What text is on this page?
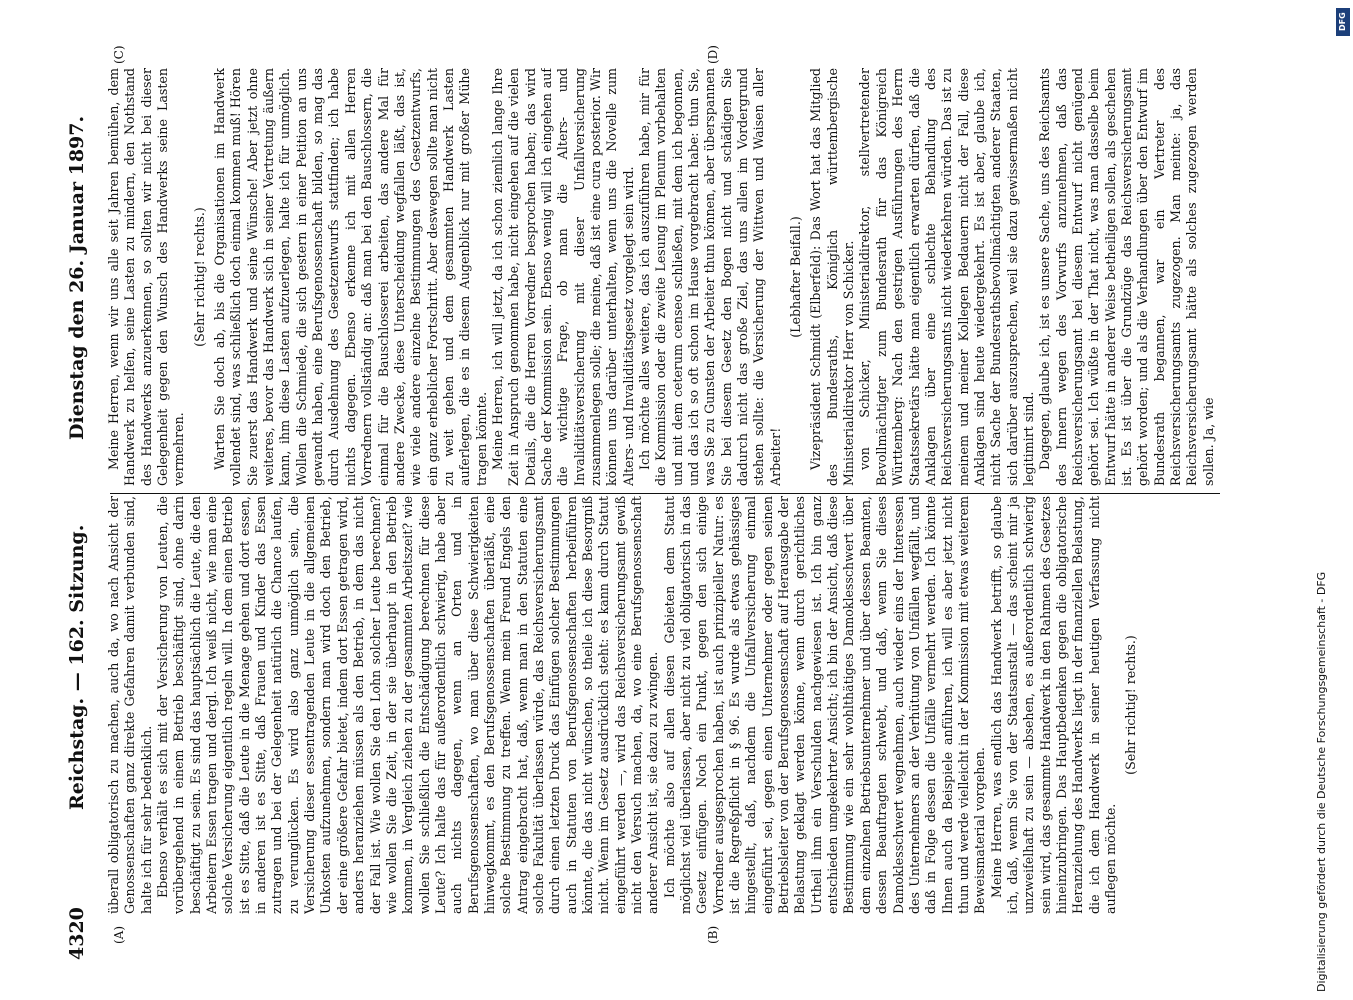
4320
Reichstag. — 162. Sitzung.
Dienstag den 26. Januar 1897.
(A)	(B)
(C)	(D)

überall obligatorisch zu machen, auch da, wo nach Ansicht der Genossenschaften ganz direkte Gefahren damit verbunden sind, halte ich für sehr bedenklich. Ebenso verhält es sich mit der Versicherung von Leuten, die vorübergehend in einem Betrieb beschäftigt sind, ohne darin beschäftigt zu sein. Es sind das hauptsächlich die Leute, die den Arbeitern Essen tragen und dergl. Ich weiß nicht, wie man eine solche Versicherung eigentlich regeln will. In dem einen Betrieb ist es Sitte, daß die Leute in die Menage gehen und dort essen, in anderen ist es Sitte, daß Frauen und Kinder das Essen zutragen und bei der Gelegenheit natürlich die Chance laufen, zu verunglücken. Es wird also ganz unmöglich sein, die Versicherung dieser essentragenden Leute in die allgemeinen Unkosten aufzunehmen, sondern man wird doch den Betrieb, der eine größere Gefahr bietet, indem dort Essen getragen wird, anders heranziehen müssen als den Betrieb, in dem das nicht der Fall ist. Wie wollen Sie den Lohn solcher Leute berechnen? wie wollen Sie die Zeit, in der sie überhaupt in den Betrieb kommen, in Vergleich ziehen zu der gesammten Arbeitszeit? wie wollen Sie schließlich die Entschädigung berechnen für diese Leute? Ich halte das für außerordentlich schwierig, habe aber auch nichts dagegen, wenn an Orten und in Berufsgenossenschaften, wo man über diese Schwierigkeiten hinwegkommt, es den Berufsgenossenschaften überläßt, eine solche Bestimmung zu treffen. Wenn mein Freund Engels den Antrag eingebracht hat, daß, wenn man in den Statuten eine solche Fakultät überlassen würde, das Reichsversicherungsamt durch einen letzten Druck das Einfügen solcher Bestimmungen auch in Statuten von Berufsgenossenschaften herbeiführen könnte, die das nicht wünschen, so theile ich diese Besorgniß nicht. Wenn im Gesetz ausdrücklich steht: es kann durch Statut eingeführt werden —, wird das Reichsversicherungsamt gewiß nicht den Versuch machen, da, wo eine Berufsgenossenschaft anderer Ansicht ist, sie dazu zu zwingen. Ich möchte also auf allen diesen Gebieten dem Statut möglichst viel überlassen, aber nicht zu viel obligatorisch in das Gesetz einfügen. Noch ein Punkt, gegen den sich einige Vorredner ausgesprochen haben, ist auch prinzipieller Natur: es ist die Regreßpflicht in § 96. Es wurde als etwas gehässiges hingestellt, daß, nachdem die Unfallversicherung einmal eingeführt sei, gegen einen Unternehmer oder gegen seinen Betriebsleiter von der Berufsgenossenschaft auf Herausgabe der Belastung geklagt werden könne, wenn durch gerichtliches Urtheil ihm ein Verschulden nachgewiesen ist. Ich bin ganz entschieden umgekehrter Ansicht; ich bin der Ansicht, daß diese Bestimmung wie ein sehr wohlthätiges Damoklesschwert über dem einzelnen Betriebsunternehmer und über dessen Beamten, dessen Beauftragten schwebt, und daß, wenn Sie dieses Damoklesschwert wegnehmen, auch wieder eins der Interessen des Unternehmers an der Verhütung von Unfällen wegfällt, und daß in Folge dessen die Unfälle vermehrt werden. Ich könnte Ihnen auch da Beispiele anführen, ich will es aber jetzt nicht thun und werde vielleicht in der Kommission mit etwas weiterem Beweismaterial vorgehen. Meine Herren, was endlich das Handwerk betrifft, so glaube ich, daß, wenn Sie von der Staatsanstalt — das scheint mir ja unzweifelhaft zu sein — absehen, es außerordentlich schwierig sein wird, das gesammte Handwerk in den Rahmen des Gesetzes hineinzubringen. Das Hauptbedenken gegen die obligatorische Heranziehung des Handwerks liegt in der finanziellen Belastung, die ich dem Handwerk in seiner heutigen Verfassung nicht auflegen möchte.

(Sehr richtig! rechts.)

Meine Herren, wenn wir uns alle seit Jahren bemühen, dem Handwerk zu helfen, seine Lasten zu mindern, den Nothstand des Handwerks anzuerkennen, so sollten wir nicht bei dieser Gelegenheit gegen den Wunsch des Handwerks seine Lasten vermehren.

(Sehr richtig! rechts.) Warten Sie doch ab, bis die Organisationen im Handwerk vollendet sind, was schließlich doch einmal kommen muß! Hören Sie zuerst das Handwerk und seine Wünsche! Aber jetzt ohne weiteres, bevor das Handwerk sich in seiner Vertretung äußern kann, ihm diese Lasten aufzuerlegen, halte ich für unmöglich. Wollen die Schmiede, die sich gestern in einer Petition an uns gewandt haben, eine Berufsgenossenschaft bilden, so mag das durch Ausdehnung des Gesetzentwurfs stattfinden; ich habe nichts dagegen. Ebenso erkenne ich mit allen Herren Vorrednern vollständig an: daß man bei den Bauschlossern, die einmal für die Bauschlosserei arbeiten, das andere Mal für andere Zwecke, diese Unterscheidung wegfallen läßt, das ist, wie viele andere einzelne Bestimmungen des Gesetzentwurfs, ein ganz erheblicher Fortschritt. Aber deswegen sollte man nicht zu weit gehen und dem gesammten Handwerk Lasten auferlegen, die es in diesem Augenblick nur mit großer Mühe tragen könnte. Meine Herren, ich will jetzt, da ich schon ziemlich lange Ihre Zeit in Anspruch genommen habe, nicht eingehen auf die vielen Details, die die Herren Vorredner besprochen haben; das wird Sache der Kommission sein. Ebenso wenig will ich eingehen auf die wichtige Frage, ob man die Alters- und Invaliditätsversicherung mit dieser Unfallversicherung zusammenlegen solle; die meine, daß ist eine cura posterior. Wir können uns darüber unterhalten, wenn uns die Novelle zum Alters- und Invaliditätsgesetz vorgelegt sein wird. Ich möchte alles weitere, das ich auszuführen habe, mir für die Kommission oder die zweite Lesung im Plenum vorbehalten und mit dem ceterum censeo schließen, mit dem ich begonnen, und das ich so oft schon im Hause vorgebracht habe: thun Sie, was Sie zu Gunsten der Arbeiter thun können, aber überspannen Sie bei diesem Gesetz den Bogen nicht und schädigen Sie dadurch nicht das große Ziel, das uns allen im Vordergrund stehen sollte: die Versicherung der Wittwen und Waisen aller Arbeiter!

(Lebhafter Beifall.) Vizepräsident Schmidt (Elberfeld): Das Wort hat das Mitglied des Bundesraths, Königlich württembergische Ministerialdirektor Herr von Schicker. von Schicker, Ministerialdirektor, stellvertretender Bevollmächtigter zum Bundesrath für das Königreich Württemberg: Nach den gestrigen Ausführungen des Herrn Staatssekretärs hätte man eigentlich erwarten dürfen, daß die Anklagen über eine schlechte Behandlung des Reichsversicherungsamts nicht wiederkehren würden. Das ist zu meinem und meiner Kollegen Bedauern nicht der Fall, diese Anklagen sind heute wiedergekehrt. Es ist aber, glaube ich, nicht Sache der Bundesrathsbevollmächtigten anderer Staaten, sich darüber auszusprechen, weil sie dazu gewissermaßen nicht legitimirt sind. Dagegen, glaube ich, ist es unsere Sache, uns des Reichsamts des Innern wegen des Vorwurfs anzunehmen, daß das Reichsversicherungsamt bei diesem Entwurf nicht genügend gehört sei. Ich wüßte in der That nicht, was man dasselbe beim Entwurf hätte in anderer Weise betheiligen sollen, als geschehen ist. Es ist über die Grundzüge das Reichsversicherungsamt gehört worden; und als die Verhandlungen über den Entwurf im Bundesrath begannen, war ein Vertreter des Reichsversicherungsamts zugezogen. Man meinte: ja, das Reichsversicherungsamt hätte als solches zugezogen werden sollen. Ja, wie

Digitalisierung gefördert durch die Deutsche Forschungsgemeinschaft - DFG
DFG
